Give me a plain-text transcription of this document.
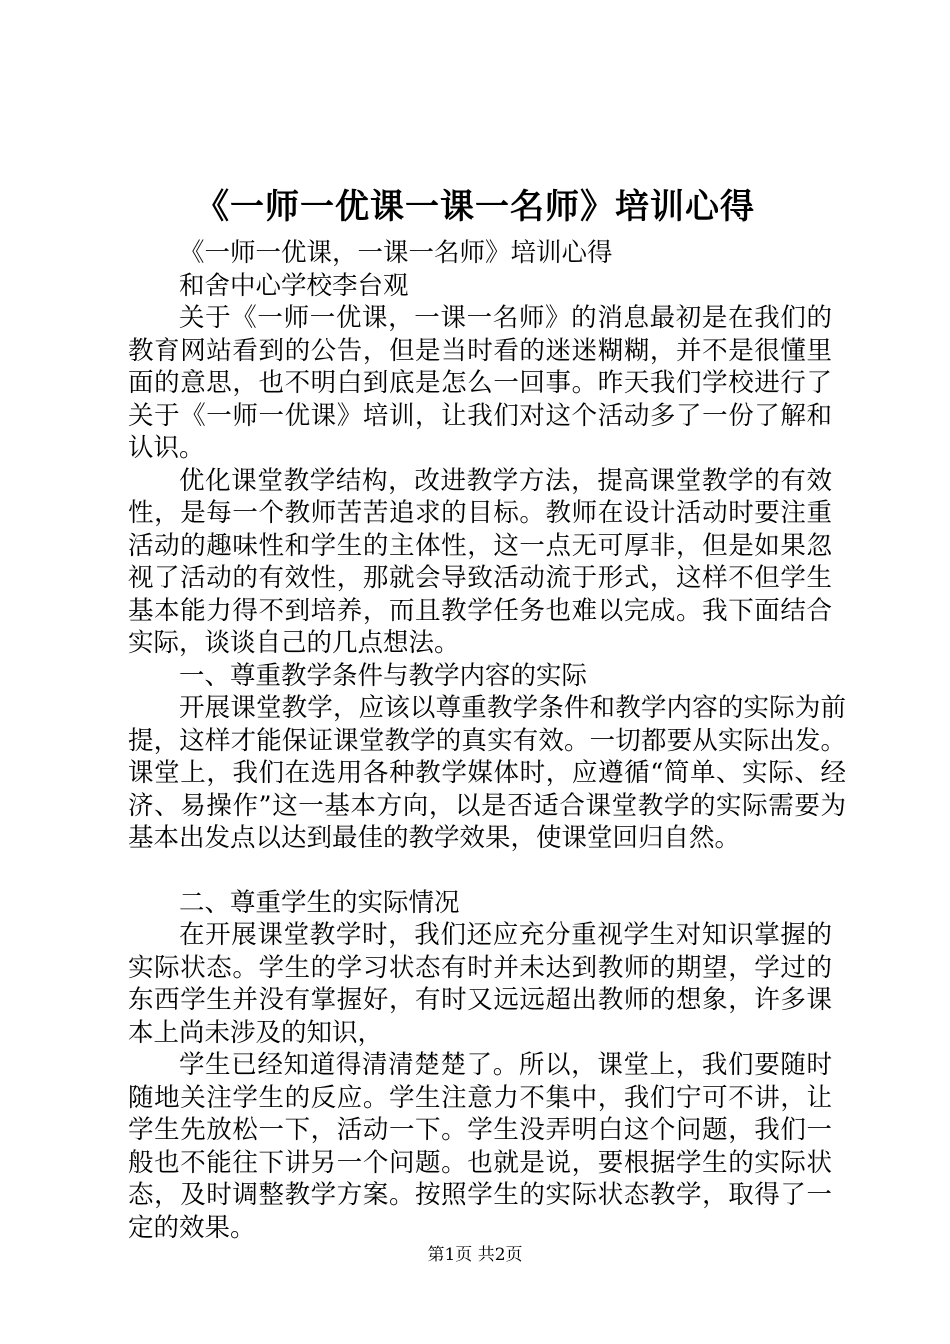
《一师一优课一课一名师》培训心得

《一师一优课，一课一名师》培训心得

和舍中心学校李台观

关于《一师一优课，一课一名师》的消息最初是在我们的教育网站看到的公告，但是当时看的迷迷糊糊，并不是很懂里面的意思，也不明白到底是怎么一回事。昨天我们学校进行了关于《一师一优课》培训，让我们对这个活动多了一份了解和认识。

优化课堂教学结构，改进教学方法，提高课堂教学的有效性，是每一个教师苦苦追求的目标。教师在设计活动时要注重活动的趣味性和学生的主体性，这一点无可厚非，但是如果忽视了活动的有效性，那就会导致活动流于形式，这样不但学生基本能力得不到培养，而且教学任务也难以完成。我下面结合实际，谈谈自己的几点想法。

一、尊重教学条件与教学内容的实际

开展课堂教学，应该以尊重教学条件和教学内容的实际为前提，这样才能保证课堂教学的真实有效。一切都要从实际出发。课堂上，我们在选用各种教学媒体时，应遵循“简单、实际、经济、易操作”这一基本方向，以是否适合课堂教学的实际需要为基本出发点以达到最佳的教学效果，使课堂回归自然。

二、尊重学生的实际情况

在开展课堂教学时，我们还应充分重视学生对知识掌握的实际状态。学生的学习状态有时并未达到教师的期望，学过的东西学生并没有掌握好，有时又远远超出教师的想象，许多课本上尚未涉及的知识，

学生已经知道得清清楚楚了。所以，课堂上，我们要随时随地关注学生的反应。学生注意力不集中，我们宁可不讲，让学生先放松一下，活动一下。学生没弄明白这个问题，我们一般也不能往下讲另一个问题。也就是说，要根据学生的实际状态，及时调整教学方案。按照学生的实际状态教学，取得了一定的效果。

第1页 共2页
